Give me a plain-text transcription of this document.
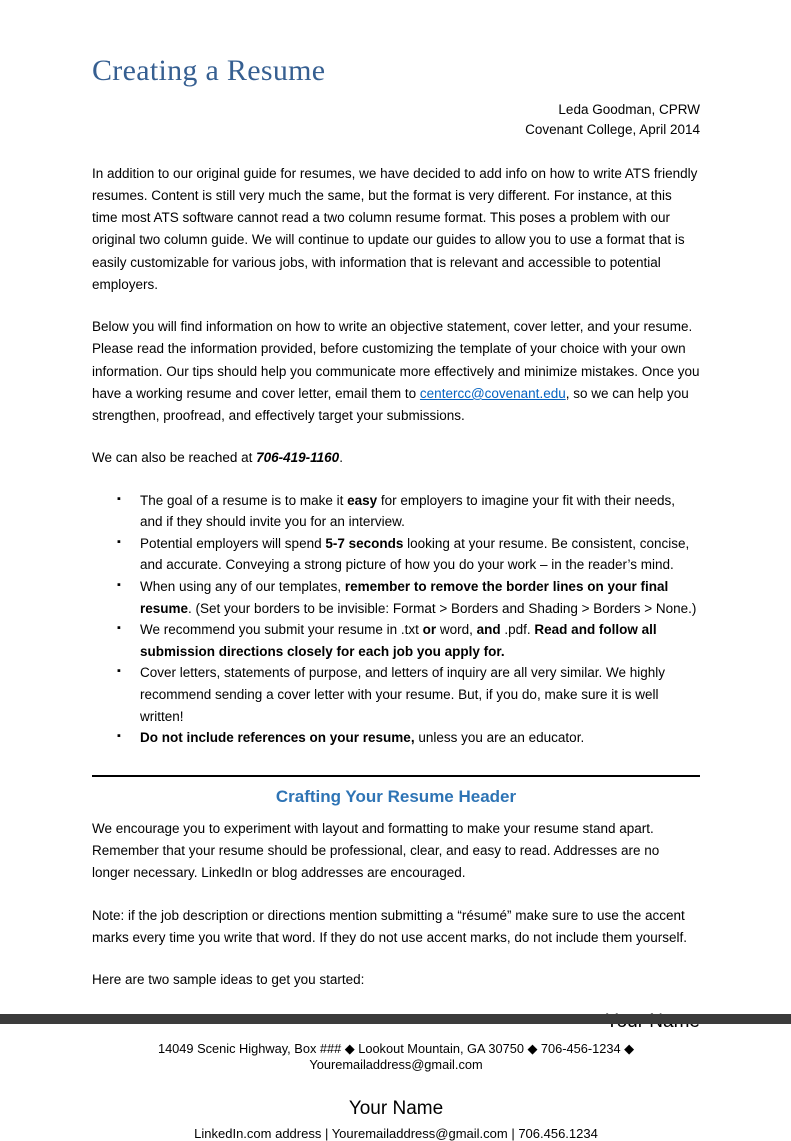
Creating a Resume
Leda Goodman, CPRW
Covenant College, April 2014

In addition to our original guide for resumes, we have decided to add info on how to write ATS friendly resumes. Content is still very much the same, but the format is very different. For instance, at this time most ATS software cannot read a two column resume format. This poses a problem with our original two column guide. We will continue to update our guides to allow you to use a format that is easily customizable for various jobs, with information that is relevant and accessible to potential employers.

Below you will find information on how to write an objective statement, cover letter, and your resume. Please read the information provided, before customizing the template of your choice with your own information. Our tips should help you communicate more effectively and minimize mistakes. Once you have a working resume and cover letter, email them to centercc@covenant.edu, so we can help you strengthen, proofread, and effectively target your submissions.

We can also be reached at 706-419-1160.

▪ The goal of a resume is to make it easy for employers to imagine your fit with their needs, and if they should invite you for an interview.
▪ Potential employers will spend 5-7 seconds looking at your resume. Be consistent, concise, and accurate. Conveying a strong picture of how you do your work – in the reader’s mind.
▪ When using any of our templates, remember to remove the border lines on your final resume. (Set your borders to be invisible: Format > Borders and Shading > Borders > None.)
▪ We recommend you submit your resume in .txt or word, and .pdf. Read and follow all submission directions closely for each job you apply for.
▪ Cover letters, statements of purpose, and letters of inquiry are all very similar. We highly recommend sending a cover letter with your resume. But, if you do, make sure it is well written!
▪ Do not include references on your resume, unless you are an educator.
Crafting Your Resume Header

We encourage you to experiment with layout and formatting to make your resume stand apart. Remember that your resume should be professional, clear, and easy to read. Addresses are no longer necessary. LinkedIn or blog addresses are encouraged.

Note: if the job description or directions mention submitting a “résumé” make sure to use the accent marks every time you write that word. If they do not use accent marks, do not include them yourself.

Here are two sample ideas to get you started:

14049 Scenic Highway, Box ### ◆ Lookout Mountain, GA 30750 ◆ 706-456-1234 ◆ Youremailaddress@gmail.com
Your Name
LinkedIn.com address | Youremailaddress@gmail.com | 706.456.1234
